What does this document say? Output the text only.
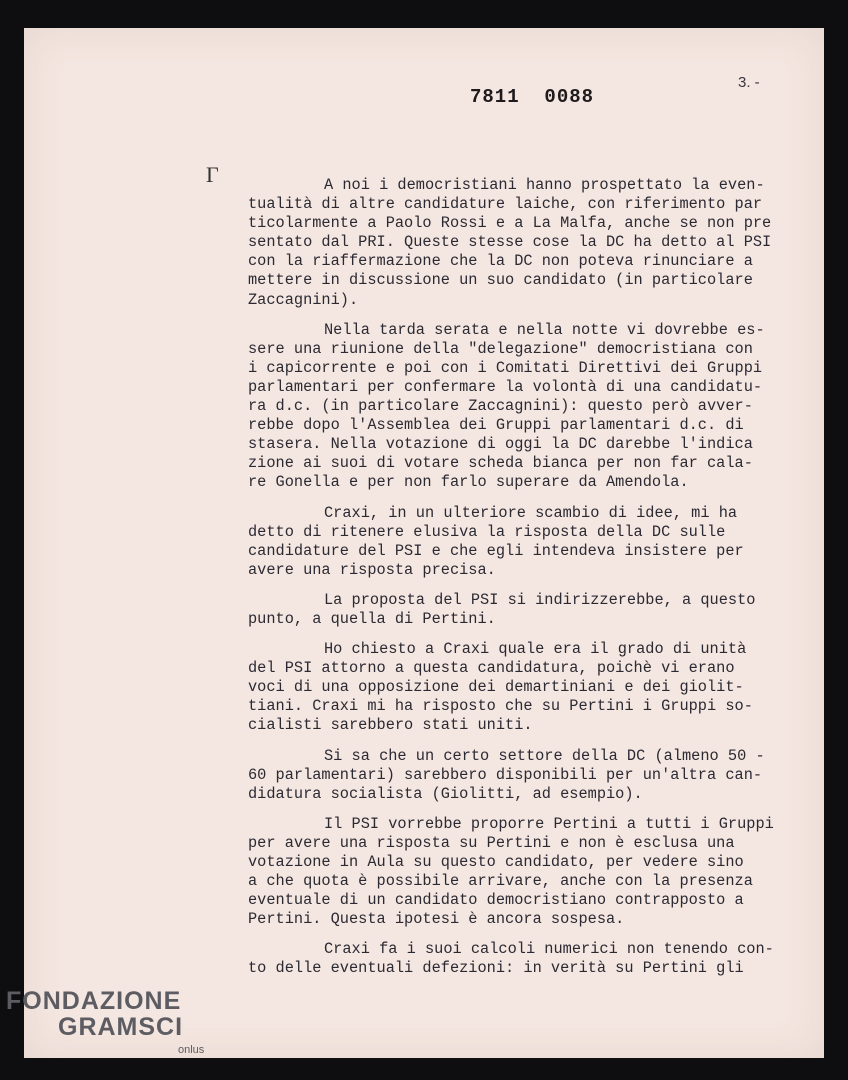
7811  0088
3. -
Γ	A noi i democristiani hanno prospettato la even-
tualità di altre candidature laiche, con riferimento par
ticolarmente a Paolo Rossi e a La Malfa, anche se non pre
sentato dal PRI. Queste stesse cose la DC ha detto al PSI
con la riaffermazione che la DC non poteva rinunciare a
mettere in discussione un suo candidato (in particolare
Zaccagnini).
Nella tarda serata e nella notte vi dovrebbe es-
sere una riunione della "delegazione" democristiana con
i capicorrente e poi con i Comitati Direttivi dei Gruppi
parlamentari per confermare la volontà di una candidatu-
ra d.c. (in particolare Zaccagnini): questo però avver-
rebbe dopo l'Assemblea dei Gruppi parlamentari d.c. di
stasera. Nella votazione di oggi la DC darebbe l'indica
zione ai suoi di votare scheda bianca per non far cala-
re Gonella e per non farlo superare da Amendola.
Craxi, in un ulteriore scambio di idee, mi ha
detto di ritenere elusiva la risposta della DC sulle
candidature del PSI e che egli intendeva insistere per
avere una risposta precisa.
La proposta del PSI si indirizzerebbe, a questo
punto, a quella di Pertini.
Ho chiesto a Craxi quale era il grado di unità
del PSI attorno a questa candidatura, poichè vi erano
voci di una opposizione dei demartiniani e dei giolit-
tiani. Craxi mi ha risposto che su Pertini i Gruppi so-
cialisti sarebbero stati uniti.
Si sa che un certo settore della DC (almeno 50 -
60 parlamentari) sarebbero disponibili per un'altra can-
didatura socialista (Giolitti, ad esempio).
Il PSI vorrebbe proporre Pertini a tutti i Gruppi
per avere una risposta su Pertini e non è esclusa una
votazione in Aula su questo candidato, per vedere sino
a che quota è possibile arrivare, anche con la presenza
eventuale di un candidato democristiano contrapposto a
Pertini. Questa ipotesi è ancora sospesa.
Craxi fa i suoi calcoli numerici non tenendo con-
to delle eventuali defezioni: in verità su Pertini gli
FONDAZIONE
GRAMSCI
onlus
